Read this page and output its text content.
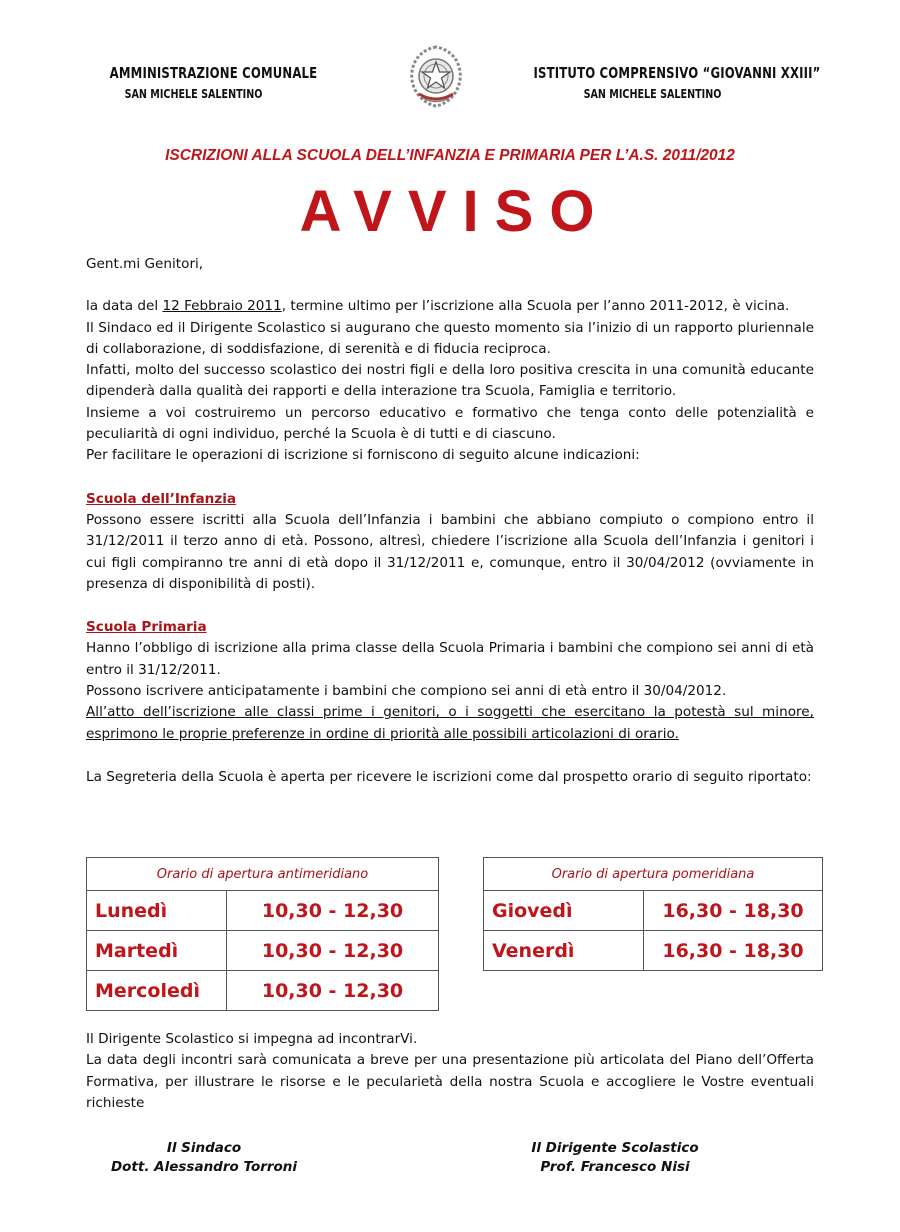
AMMINISTRAZIONE COMUNALE
SAN MICHELE SALENTINO
ISTITUTO COMPRENSIVO “GIOVANNI XXIII”
SAN MICHELE SALENTINO
ISCRIZIONI ALLA SCUOLA DELL’INFANZIA E PRIMARIA PER L’A.S. 2011/2012
AVVISO

Gent.mi Genitori,

la data del 12 Febbraio 2011, termine ultimo per l’iscrizione alla Scuola per l’anno 2011-2012, è vicina.

Il Sindaco ed il Dirigente Scolastico si augurano che questo momento sia l’inizio di un rapporto pluriennale di collaborazione, di soddisfazione, di serenità e di fiducia reciproca.

Infatti, molto del successo scolastico dei nostri figli e della loro positiva crescita in una comunità educante dipenderà dalla qualità dei rapporti e della interazione tra Scuola, Famiglia e territorio.

Insieme a voi costruiremo un percorso educativo e formativo che tenga conto delle potenzialità e peculiarità di ogni individuo, perché la Scuola è di tutti e di ciascuno.

Per facilitare le operazioni di iscrizione si forniscono di seguito alcune indicazioni:

Scuola dell’Infanzia

Possono essere iscritti alla Scuola dell’Infanzia i bambini che abbiano compiuto o compiono entro il 31/12/2011 il terzo anno di età. Possono, altresì, chiedere l’iscrizione alla Scuola dell’Infanzia i genitori i cui figli compiranno tre anni di età dopo il 31/12/2011 e, comunque, entro il 30/04/2012 (ovviamente in presenza di disponibilità di posti).

Scuola Primaria

Hanno l’obbligo di iscrizione alla prima classe della Scuola Primaria i bambini che compiono sei anni di età entro il 31/12/2011.

Possono iscrivere anticipatamente i bambini che compiono sei anni di età entro il 30/04/2012.

All’atto dell’iscrizione alle classi prime i genitori, o i soggetti che esercitano la potestà sul minore, esprimono le proprie preferenze in ordine di priorità alle possibili articolazioni di orario.

La Segreteria della Scuola è aperta per ricevere le iscrizioni come dal prospetto orario di seguito riportato:

Orario di apertura antimeridiano	
Lunedì	10,30 - 12,30
Martedì	10,30 - 12,30
Mercoledì	10,30 - 12,30
Orario di apertura pomeridiana	
Giovedì	16,30 - 18,30
Venerdì	16,30 - 18,30

Il Dirigente Scolastico si impegna ad incontrarVi.

La data degli incontri sarà comunicata a breve per una presentazione più articolata del Piano dell’Offerta Formativa, per illustrare le risorse e le pecularietà della nostra Scuola e accogliere le Vostre eventuali richieste

Il Sindaco
Dott. Alessandro Torroni
Il Dirigente Scolastico
Prof. Francesco Nisi
